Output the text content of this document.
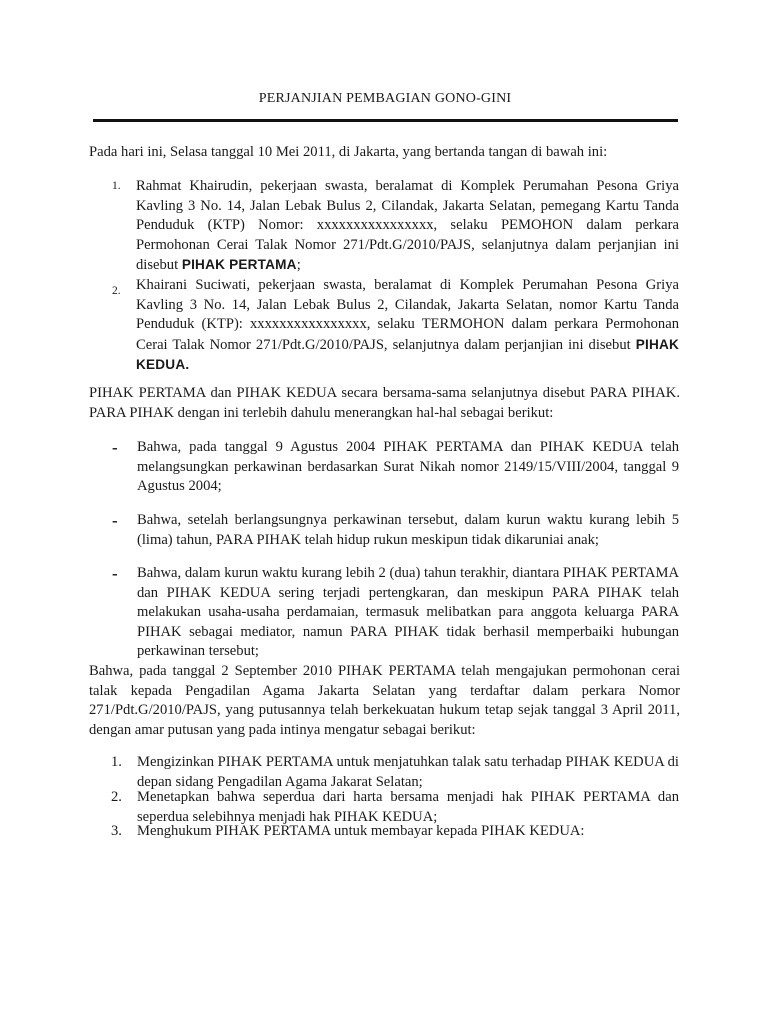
PERJANJIAN PEMBAGIAN GONO-GINI
Pada hari ini, Selasa tanggal 10 Mei 2011, di Jakarta, yang bertanda tangan di bawah ini:
1. Rahmat Khairudin, pekerjaan swasta, beralamat di Komplek Perumahan Pesona Griya Kavling 3 No. 14, Jalan Lebak Bulus 2, Cilandak, Jakarta Selatan, pemegang Kartu Tanda Penduduk (KTP) Nomor: xxxxxxxxxxxxxxxx, selaku PEMOHON dalam perkara Permohonan Cerai Talak Nomor 271/Pdt.G/2010/PAJS, selanjutnya dalam perjanjian ini disebut PIHAK PERTAMA;
2. Khairani Suciwati, pekerjaan swasta, beralamat di Komplek Perumahan Pesona Griya Kavling 3 No. 14, Jalan Lebak Bulus 2, Cilandak, Jakarta Selatan, nomor Kartu Tanda Penduduk (KTP): xxxxxxxxxxxxxxxx, selaku TERMOHON dalam perkara Permohonan Cerai Talak Nomor 271/Pdt.G/2010/PAJS, selanjutnya dalam perjanjian ini disebut PIHAK KEDUA.
PIHAK PERTAMA dan PIHAK KEDUA secara bersama-sama selanjutnya disebut PARA PIHAK. PARA PIHAK dengan ini terlebih dahulu menerangkan hal-hal sebagai berikut:
- Bahwa, pada tanggal 9 Agustus 2004 PIHAK PERTAMA dan PIHAK KEDUA telah melangsungkan perkawinan berdasarkan Surat Nikah nomor 2149/15/VIII/2004, tanggal 9 Agustus 2004;
- Bahwa, setelah berlangsungnya perkawinan tersebut, dalam kurun waktu kurang lebih 5 (lima) tahun, PARA PIHAK telah hidup rukun meskipun tidak dikaruniai anak;
- Bahwa, dalam kurun waktu kurang lebih 2 (dua) tahun terakhir, diantara PIHAK PERTAMA dan PIHAK KEDUA sering terjadi pertengkaran, dan meskipun PARA PIHAK telah melakukan usaha-usaha perdamaian, termasuk melibatkan para anggota keluarga PARA PIHAK sebagai mediator, namun PARA PIHAK tidak berhasil memperbaiki hubungan perkawinan tersebut;
Bahwa, pada tanggal 2 September 2010 PIHAK PERTAMA telah mengajukan permohonan cerai talak kepada Pengadilan Agama Jakarta Selatan yang terdaftar dalam perkara Nomor 271/Pdt.G/2010/PAJS, yang putusannya telah berkekuatan hukum tetap sejak tanggal 3 April 2011, dengan amar putusan yang pada intinya mengatur sebagai berikut:
1. Mengizinkan PIHAK PERTAMA untuk menjatuhkan talak satu terhadap PIHAK KEDUA di depan sidang Pengadilan Agama Jakarat Selatan;
2. Menetapkan bahwa seperdua dari harta bersama menjadi hak PIHAK PERTAMA dan seperdua selebihnya menjadi hak PIHAK KEDUA;
3. Menghukum PIHAK PERTAMA untuk membayar kepada PIHAK KEDUA:
